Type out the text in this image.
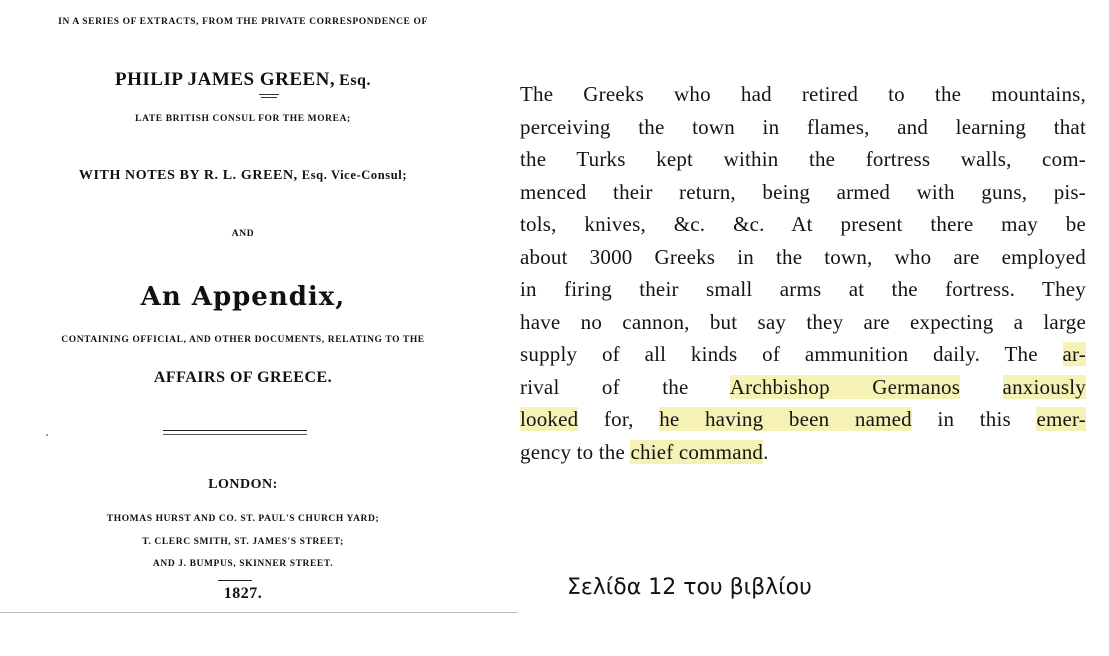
IN A SERIES OF EXTRACTS, FROM THE PRIVATE CORRESPONDENCE OF
PHILIP JAMES GREEN, Esq.
LATE BRITISH CONSUL FOR THE MOREA;
WITH NOTES BY R. L. GREEN, Esq. Vice-Consul;
AND
An Appendix,
CONTAINING OFFICIAL, AND OTHER DOCUMENTS, RELATING TO THE
AFFAIRS OF GREECE.
LONDON:
THOMAS HURST AND CO. ST. PAUL'S CHURCH YARD;
T. CLERC SMITH, ST. JAMES'S STREET;
AND J. BUMPUS, SKINNER STREET.
1827.
The Greeks who had retired to the mountains,
perceiving the town in flames, and learning that
the Turks kept within the fortress walls, com-
menced their return, being armed with guns, pis-
tols, knives, &c. &c. At present there may be
about 3000 Greeks in the town, who are employed
in firing their small arms at the fortress. They
have no cannon, but say they are expecting a large
supply of all kinds of ammunition daily. The ar-
rival of the Archbishop Germanos anxiously
looked for, he having been named in this emer-
gency to the chief command.
Σελίδα 12 του βιβλίου
